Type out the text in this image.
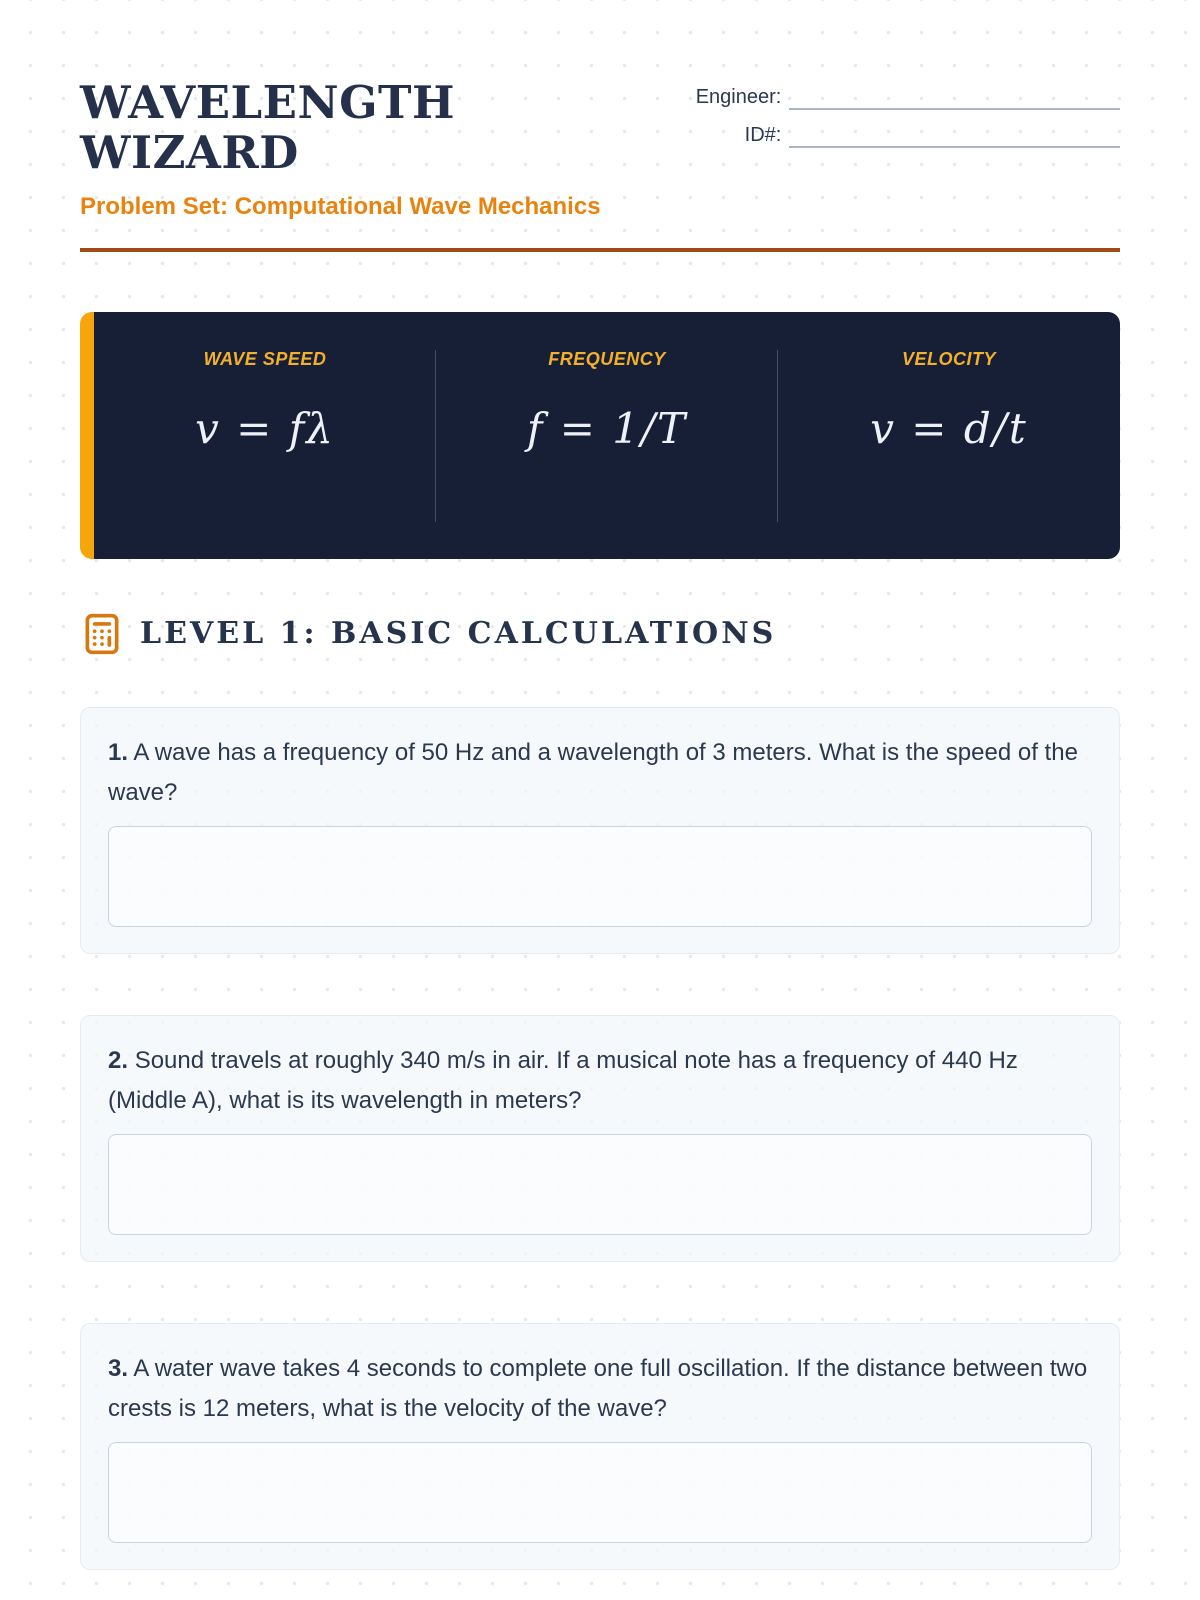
WAVELENGTH WIZARD
Problem Set: Computational Wave Mechanics
Engineer:
ID#:
WAVE SPEED
v = fλ
FREQUENCY
f = 1/T
VELOCITY
v = d/t
LEVEL 1: BASIC CALCULATIONS

1. A wave has a frequency of 50 Hz and a wavelength of 3 meters. What is the speed of the wave?

2. Sound travels at roughly 340 m/s in air. If a musical note has a frequency of 440 Hz (Middle A), what is its wavelength in meters?

3. A water wave takes 4 seconds to complete one full oscillation. If the distance between two crests is 12 meters, what is the velocity of the wave?
